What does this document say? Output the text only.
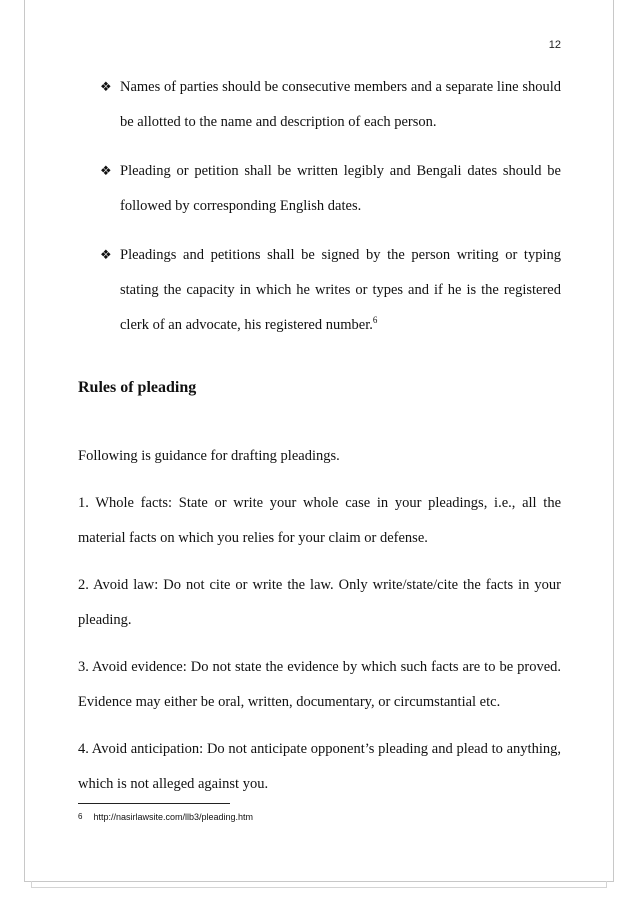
12
❖ Names of parties should be consecutive members and a separate line should be allotted to the name and description of each person.
❖ Pleading or petition shall be written legibly and Bengali dates should be followed by corresponding English dates.
❖ Pleadings and petitions shall be signed by the person writing or typing stating the capacity in which he writes or types and if he is the registered clerk of an advocate, his registered number.$^6$
Rules of pleading

Following is guidance for drafting pleadings.

1. Whole facts: State or write your whole case in your pleadings, i.e., all the material facts on which you relies for your claim or defense.

2. Avoid law: Do not cite or write the law. Only write/state/cite the facts in your pleading.

3. Avoid evidence: Do not state the evidence by which such facts are to be proved. Evidence may either be oral, written, documentary, or circumstantial etc.

4. Avoid anticipation: Do not anticipate opponent’s pleading and plead to anything, which is not alleged against you.

6 http://nasirlawsite.com/llb3/pleading.htm
